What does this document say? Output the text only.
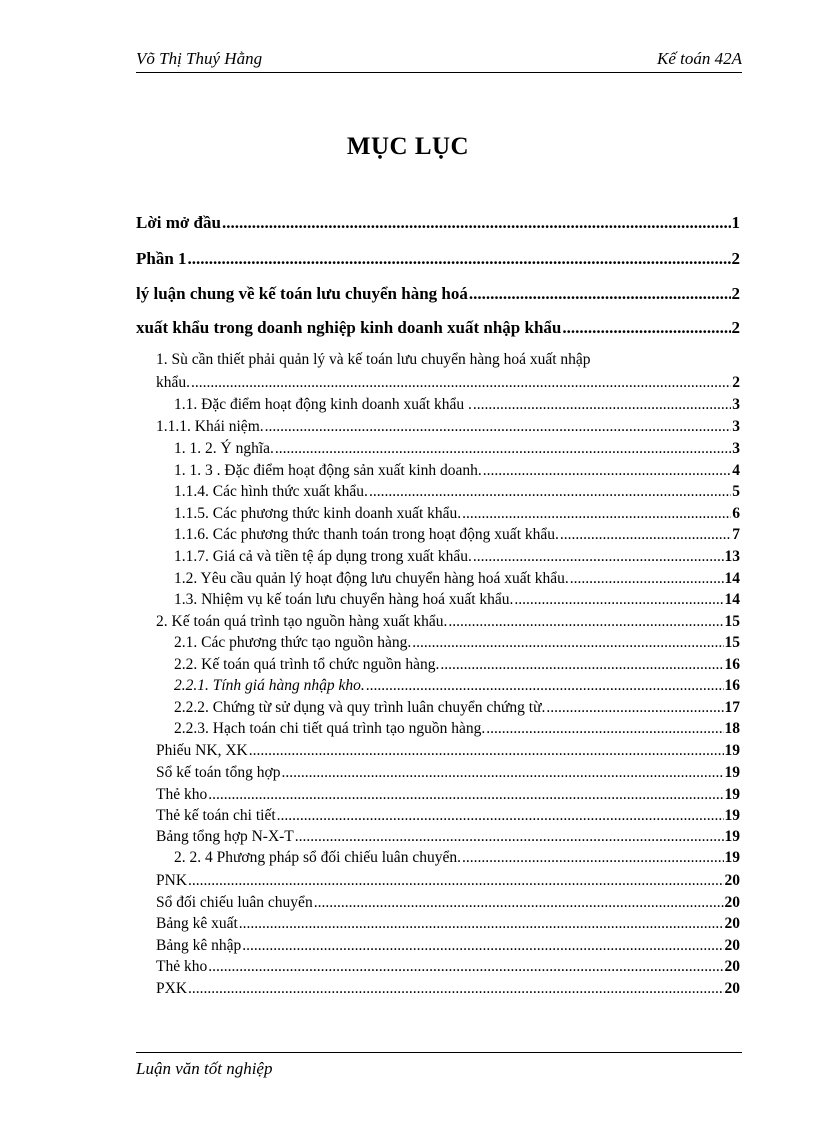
Võ Thị Thuý Hằng	Kế toán 42A
MỤC LỤC
Lời mở đầu .....	1
Phần 1 .....	2
lý luận chung về kế toán lưu chuyển hàng hoá .....	2
xuất khẩu trong doanh nghiệp kinh doanh xuất nhập khẩu .....	2
1. Sù cần thiết phải quản lý và kế toán lưu chuyển hàng hoá xuất nhập
khẩu. .....	2
1.1. Đặc điểm hoạt động kinh doanh xuất khẩu . .....	3
1.1.1. Khái niệm. .....	3
1. 1. 2. Ý nghĩa. .....	3
1. 1. 3 . Đặc điểm hoạt động sản xuất kinh doanh. .....	4
1.1.4. Các hình thức xuất khẩu. .....	5
1.1.5. Các phương thức kinh doanh xuất khẩu. .....	6
1.1.6. Các phương thức thanh toán trong hoạt động xuất khẩu. .....	7
1.1.7. Giá cả và tiền tệ áp dụng trong xuất khẩu. .....	13
1.2. Yêu cầu quản lý hoạt động lưu chuyển hàng hoá xuất khẩu. .....	14
1.3. Nhiệm vụ kế toán lưu chuyển hàng hoá xuất khẩu. .....	14
2. Kế toán quá trình tạo nguồn hàng xuất khẩu. .....	15
2.1. Các phương thức tạo nguồn hàng. .....	15
2.2. Kế toán quá trình tổ chức nguồn hàng. .....	16
2.2.1. Tính giá hàng nhập kho. .....	16
2.2.2. Chứng từ sử dụng và quy trình luân chuyển chứng từ. .....	17
2.2.3. Hạch toán chi tiết quá trình tạo nguồn hàng. .....	18
Phiếu NK, XK .....	19
Sổ kế toán tổng hợp .....	19
Thẻ kho .....	19
Thẻ kế toán chi tiết .....	19
Bảng tổng hợp N-X-T .....	19
2. 2. 4 Phương pháp sổ đối chiếu luân chuyển. .....	19
PNK .....	20
Sổ đối chiếu luân chuyển .....	20
Bảng kê xuất .....	20
Bảng kê nhập .....	20
Thẻ kho .....	20
PXK .....	20
Luận văn tốt nghiệp
